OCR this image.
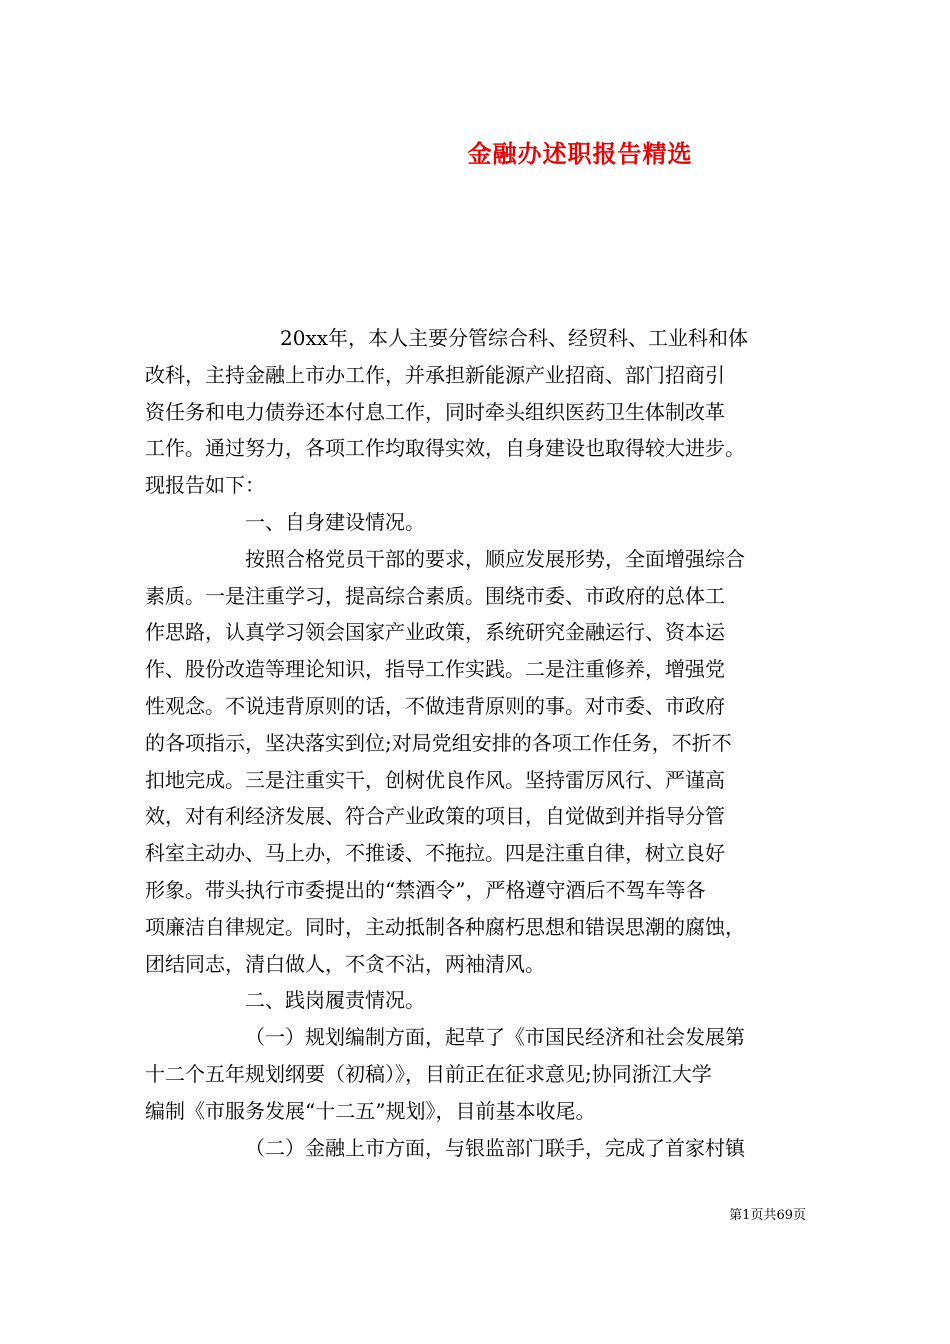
金融办述职报告精选
20xx年，本人主要分管综合科、经贸科、工业科和体
改科，主持金融上市办工作，并承担新能源产业招商、部门招商引
资任务和电力债券还本付息工作，同时牵头组织医药卫生体制改革
工作。通过努力，各项工作均取得实效，自身建设也取得较大进步。
现报告如下：
一、自身建设情况。
按照合格党员干部的要求，顺应发展形势，全面增强综合
素质。一是注重学习，提高综合素质。围绕市委、市政府的总体工
作思路，认真学习领会国家产业政策，系统研究金融运行、资本运
作、股份改造等理论知识，指导工作实践。二是注重修养，增强党
性观念。不说违背原则的话，不做违背原则的事。对市委、市政府
的各项指示，坚决落实到位;对局党组安排的各项工作任务，不折不
扣地完成。三是注重实干，创树优良作风。坚持雷厉风行、严谨高
效，对有利经济发展、符合产业政策的项目，自觉做到并指导分管
科室主动办、马上办，不推诿、不拖拉。四是注重自律，树立良好
形象。带头执行市委提出的“禁酒令”，严格遵守酒后不驾车等各
项廉洁自律规定。同时，主动抵制各种腐朽思想和错误思潮的腐蚀，
团结同志，清白做人，不贪不沾，两袖清风。
二、践岗履责情况。
（一）规划编制方面，起草了《市国民经济和社会发展第
十二个五年规划纲要（初稿）》，目前正在征求意见;协同浙江大学
编制《市服务发展“十二五”规划》，目前基本收尾。
（二）金融上市方面，与银监部门联手，完成了首家村镇
第1页共69页
